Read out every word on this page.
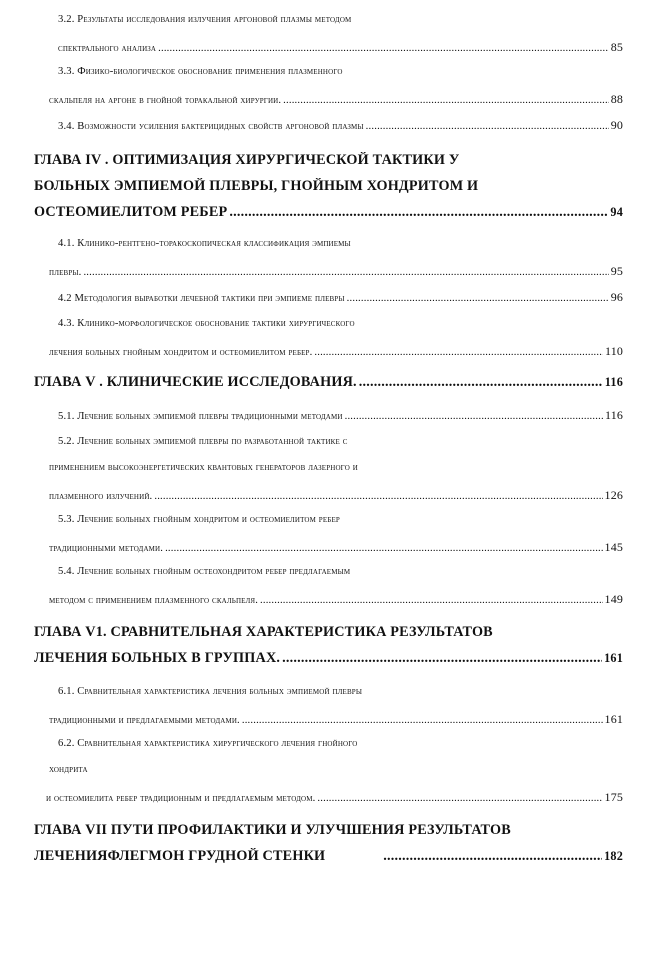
3.2. Результаты исследования излучения аргоновой плазмы методом
спектрального анализа .....	85
3.3. Физико-биологическое обоснование применения плазменного
скальпеля на аргоне в гнойной торакальной хирургии. .....	88
3.4. Возможности усиления бактерицидных свойств аргоновой плазмы .....	90
ГЛАВА IV . ОПТИМИЗАЦИЯ ХИРУРГИЧЕСКОЙ ТАКТИКИ У
БОЛЬНЫХ ЭМПИЕМОЙ ПЛЕВРЫ, ГНОЙНЫМ ХОНДРИТОМ И
ОСТЕОМИЕЛИТОМ РЕБЕР .....	94
4.1. Клинико-рентгено-торакоскопическая классификация эмпиемы
плевры. .....	95
4.2 Методология выработки лечебной тактики при эмпиеме плевры .....	96
4.3. Клинико-морфологическое обоснование тактики хирургического
лечения больных гнойным хондритом и остеомиелитом ребер. .....	110
ГЛАВА V . КЛИНИЧЕСКИЕ ИССЛЕДОВАНИЯ. .....	116
5.1. Лечение больных эмпиемой плевры традиционными методами .....	116
5.2. Лечение больных эмпиемой плевры по разработанной тактике с
применением высокоэнергетических квантовых генераторов лазерного и
плазменного излучений. .....	126
5.3. Лечение больных гнойным хондритом и остеомиелитом ребер
традиционными методами. .....	145
5.4. Лечение больных гнойным остеохондритом ребер предлагаемым
методом с применением плазменного скальпеля. .....	149
ГЛАВА V1. СРАВНИТЕЛЬНАЯ ХАРАКТЕРИСТИКА РЕЗУЛЬТАТОВ
ЛЕЧЕНИЯ БОЛЬНЫХ В ГРУППАХ. .....	161
6.1. Сравнительная характеристика лечения больных эмпиемой плевры
традиционными и предлагаемыми методами. .....	161
6.2. Сравнительная характеристика хирургического лечения гнойного
хондрита
и остеомиелита ребер традиционным и предлагаемым методом. .....	175
ГЛАВА VII ПУТИ ПРОФИЛАКТИКИ И УЛУЧШЕНИЯ РЕЗУЛЬТАТОВ
ЛЕЧЕНИЯФЛЕГМОН ГРУДНОЙ СТЕНКИ .....	182
